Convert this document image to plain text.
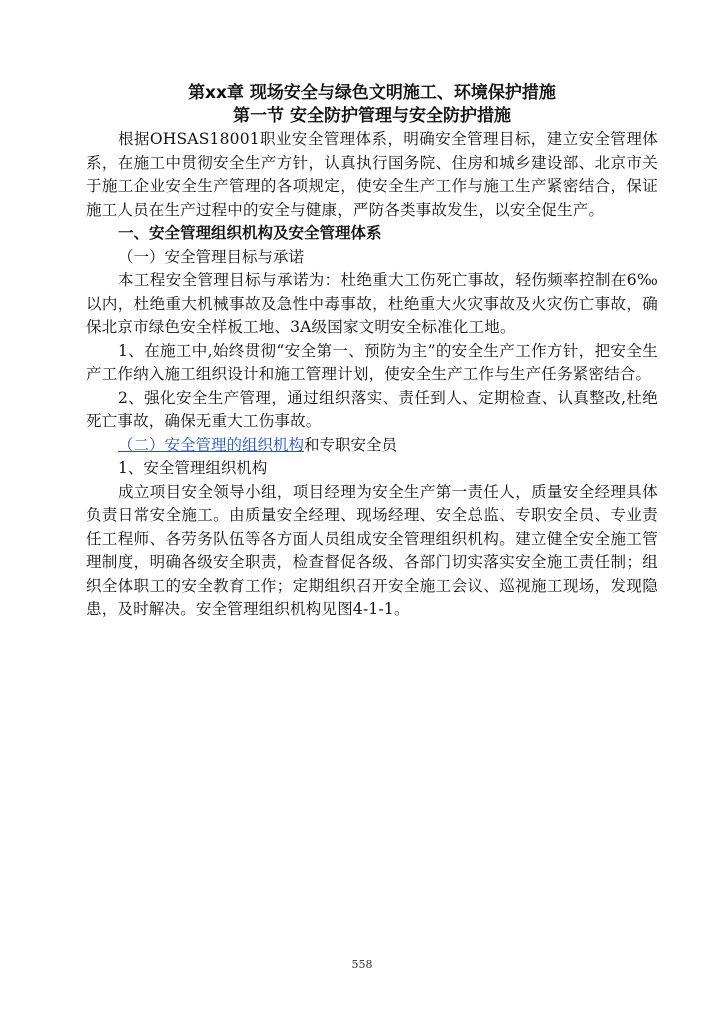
第xx章 现场安全与绿色文明施工、环境保护措施

第一节 安全防护管理与安全防护措施

根据OHSAS18001职业安全管理体系，明确安全管理目标，建立安全管理体系，在施工中贯彻安全生产方针，认真执行国务院、住房和城乡建设部、北京市关于施工企业安全生产管理的各项规定，使安全生产工作与施工生产紧密结合，保证施工人员在生产过程中的安全与健康，严防各类事故发生，以安全促生产。

一、安全管理组织机构及安全管理体系

（一）安全管理目标与承诺

本工程安全管理目标与承诺为：杜绝重大工伤死亡事故，轻伤频率控制在6‰以内，杜绝重大机械事故及急性中毒事故，杜绝重大火灾事故及火灾伤亡事故，确保北京市绿色安全样板工地、3A级国家文明安全标准化工地。

1、在施工中,始终贯彻“安全第一、预防为主”的安全生产工作方针，把安全生产工作纳入施工组织设计和施工管理计划，使安全生产工作与生产任务紧密结合。

2、强化安全生产管理，通过组织落实、责任到人、定期检查、认真整改,杜绝死亡事故，确保无重大工伤事故。

（二）安全管理的组织机构和专职安全员

1、安全管理组织机构

成立项目安全领导小组，项目经理为安全生产第一责任人，质量安全经理具体负责日常安全施工。由质量安全经理、现场经理、安全总监、专职安全员、专业责任工程师、各劳务队伍等各方面人员组成安全管理组织机构。建立健全安全施工管理制度，明确各级安全职责，检查督促各级、各部门切实落实安全施工责任制；组织全体职工的安全教育工作；定期组织召开安全施工会议、巡视施工现场，发现隐患，及时解决。安全管理组织机构见图4-1-1。

558
